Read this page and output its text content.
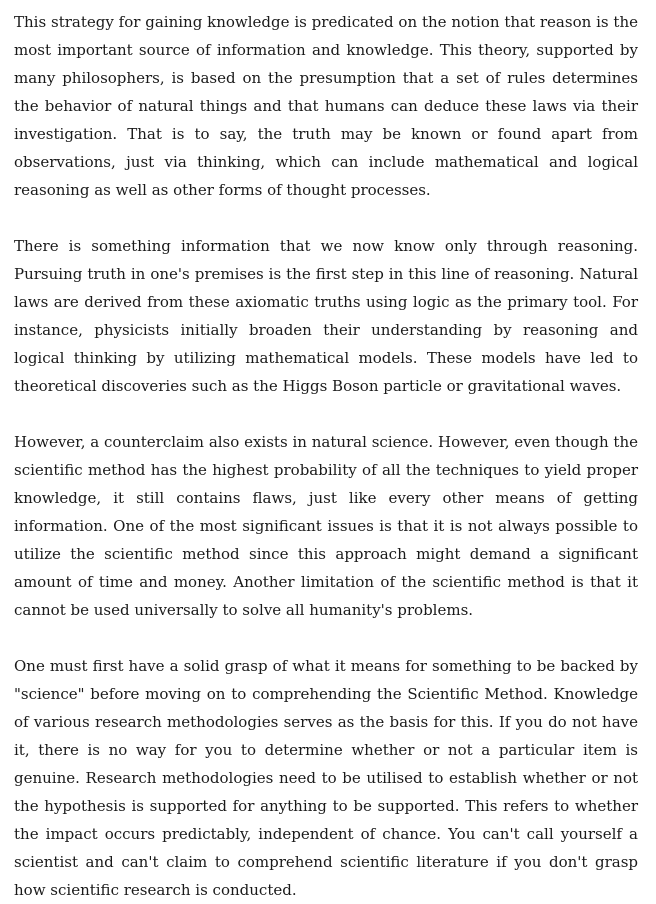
This strategy for gaining knowledge is predicated on the notion that reason is the most important source of information and knowledge. This theory, supported by many philosophers, is based on the presumption that a set of rules determines the behavior of natural things and that humans can deduce these laws via their investigation. That is to say, the truth may be known or found apart from observations, just via thinking, which can include mathematical and logical reasoning as well as other forms of thought processes.

There is something information that we now know only through reasoning. Pursuing truth in one's premises is the first step in this line of reasoning. Natural laws are derived from these axiomatic truths using logic as the primary tool. For instance, physicists initially broaden their understanding by reasoning and logical thinking by utilizing mathematical models. These models have led to theoretical discoveries such as the Higgs Boson particle or gravitational waves.

However, a counterclaim also exists in natural science. However, even though the scientific method has the highest probability of all the techniques to yield proper knowledge, it still contains flaws, just like every other means of getting information. One of the most significant issues is that it is not always possible to utilize the scientific method since this approach might demand a significant amount of time and money. Another limitation of the scientific method is that it cannot be used universally to solve all humanity's problems.

One must first have a solid grasp of what it means for something to be backed by "science" before moving on to comprehending the Scientific Method. Knowledge of various research methodologies serves as the basis for this. If you do not have it, there is no way for you to determine whether or not a particular item is genuine. Research methodologies need to be utilised to establish whether or not the hypothesis is supported for anything to be supported. This refers to whether the impact occurs predictably, independent of chance. You can't call yourself a scientist and can't claim to comprehend scientific literature if you don't grasp how scientific research is conducted.
